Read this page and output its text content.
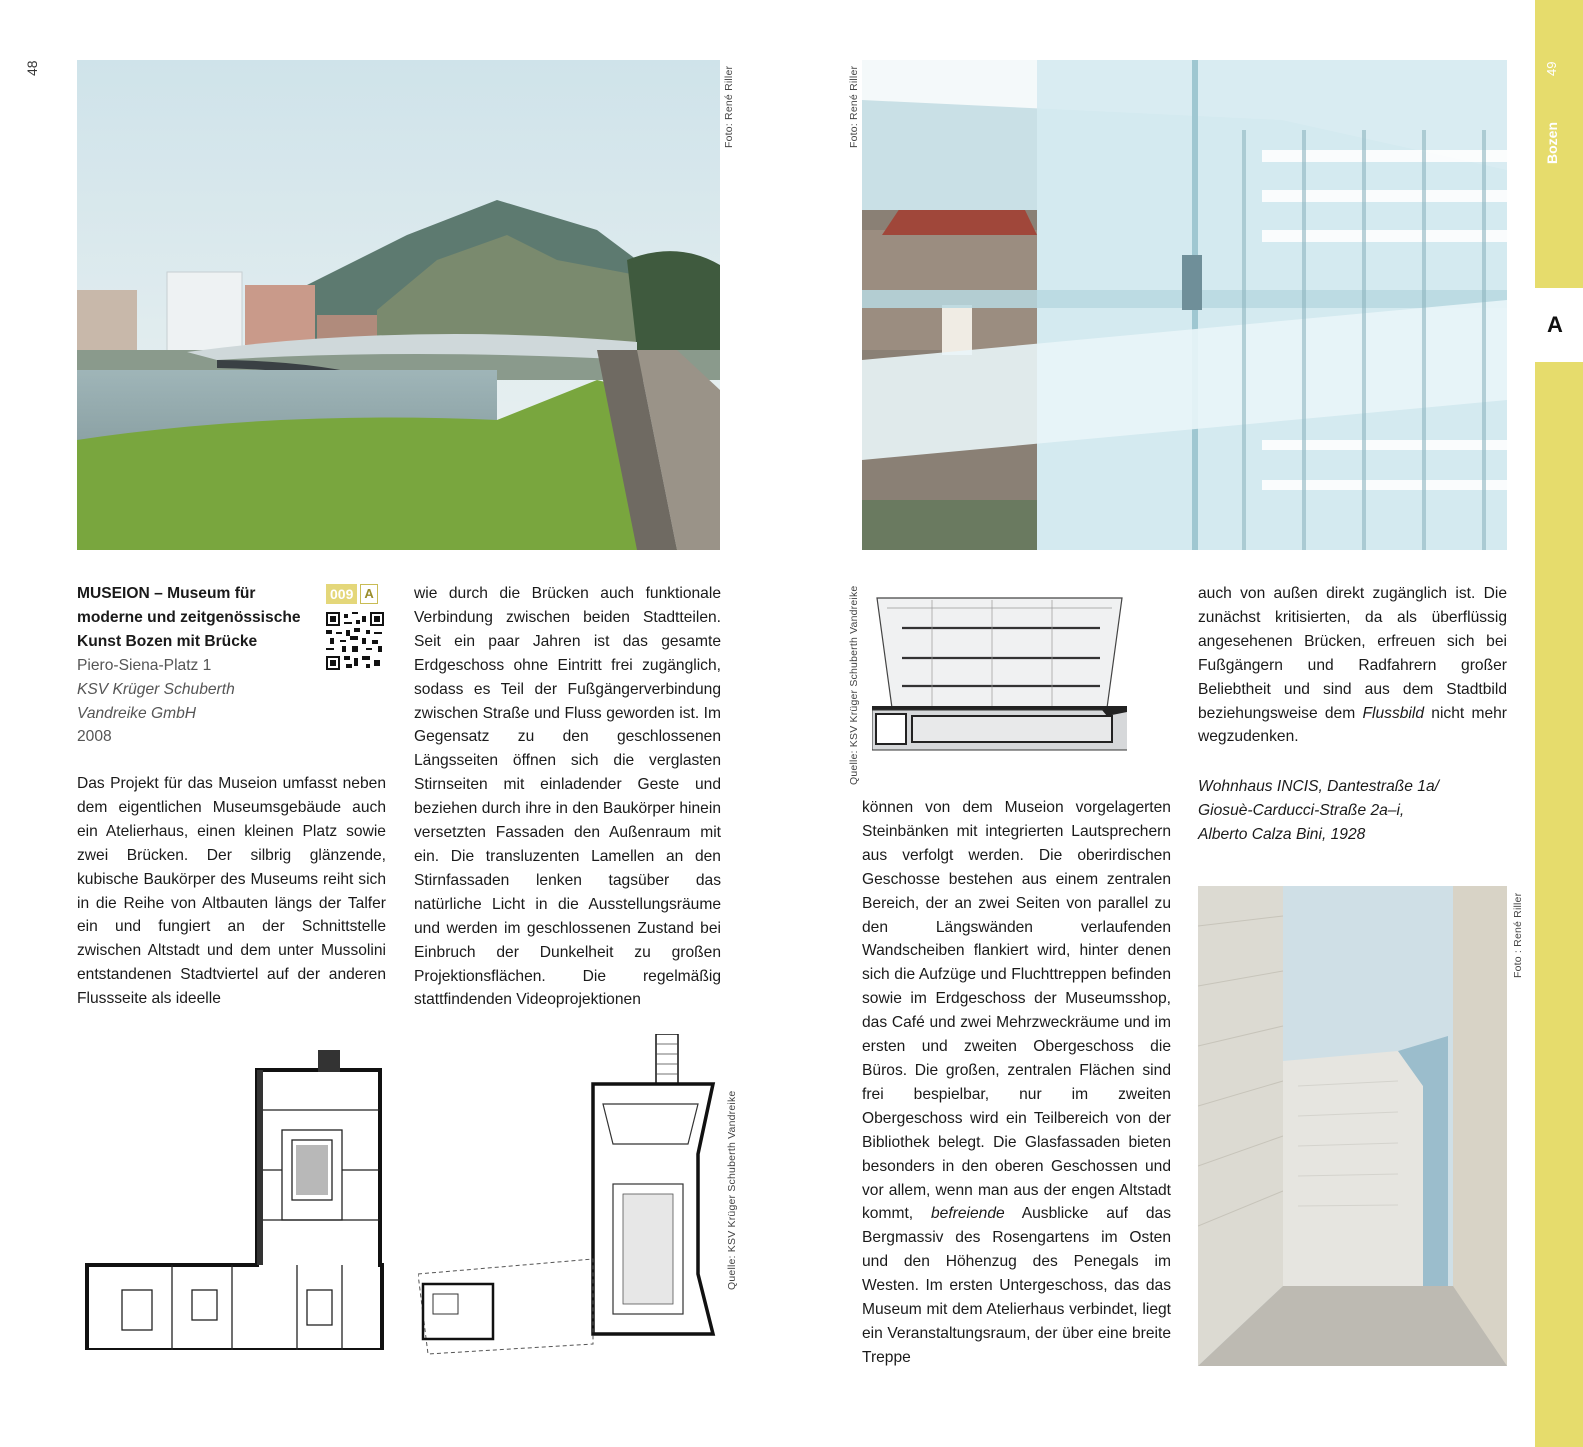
48	49
Bozen
A
Foto: René Riller	Foto: René Riller
MUSEION – Museum für
moderne und zeitgenössische
Kunst Bozen mit Brücke
Piero-Siena-Platz 1
KSV Krüger Schuberth
Vandreike GmbH
2008
009 A
Das Projekt für das Museion umfasst neben dem eigentlichen Museumsgebäude auch ein Atelierhaus, einen kleinen Platz sowie zwei Brücken. Der silbrig glänzende, kubische Baukörper des Museums reiht sich in die Reihe von Altbauten längs der Talfer ein und fungiert an der Schnittstelle zwischen Altstadt und dem unter Mussolini entstandenen Stadtviertel auf der anderen Flussseite als ideelle
wie durch die Brücken auch funktionale Verbindung zwischen beiden Stadtteilen. Seit ein paar Jahren ist das gesamte Erdgeschoss ohne Eintritt frei zugänglich, sodass es Teil der Fußgängerverbindung zwischen Straße und Fluss geworden ist. Im Gegensatz zu den geschlossenen Längsseiten öffnen sich die verglasten Stirnseiten mit einladender Geste und beziehen durch ihre in den Baukörper hinein versetzten Fassaden den Außenraum mit ein. Die transluzenten Lamellen an den Stirnfassaden lenken tagsüber das natürliche Licht in die Ausstellungsräume und werden im geschlossenen Zustand bei Einbruch der Dunkelheit zu großen Projektionsflächen. Die regelmäßig stattfindenden Videoprojektionen
können von dem Museion vorgelagerten Steinbänken mit integrierten Lautsprechern aus verfolgt werden. Die oberirdischen Geschosse bestehen aus einem zentralen Bereich, der an zwei Seiten von parallel zu den Längswänden verlaufenden Wandscheiben flankiert wird, hinter denen sich die Aufzüge und Fluchttreppen befinden sowie im Erdgeschoss der Museumsshop, das Café und zwei Mehrzweckräume und im ersten und zweiten Obergeschoss die Büros. Die großen, zentralen Flächen sind frei bespielbar, nur im zweiten Obergeschoss wird ein Teilbereich von der Bibliothek belegt. Die Glasfassaden bieten besonders in den oberen Geschossen und vor allem, wenn man aus der engen Altstadt kommt, befreiende Ausblicke auf das Bergmassiv des Rosengartens im Osten und den Höhenzug des Penegals im Westen. Im ersten Untergeschoss, das das Museum mit dem Atelierhaus verbindet, liegt ein Veranstaltungsraum, der über eine breite Treppe
auch von außen direkt zugänglich ist. Die zunächst kritisierten, da als überflüssig angesehenen Brücken, erfreuen sich bei Fußgängern und Radfahrern großer Beliebtheit und sind aus dem Stadtbild beziehungsweise dem Flussbild nicht mehr wegzudenken.
Wohnhaus INCIS, Dantestraße 1a/
Giosuè-Carducci-Straße 2a–i,
Alberto Calza Bini, 1928
Quelle: KSV Krüger Schuberth Vandreike
Quelle: KSV Krüger Schuberth Vandreike
Foto : René Riller
